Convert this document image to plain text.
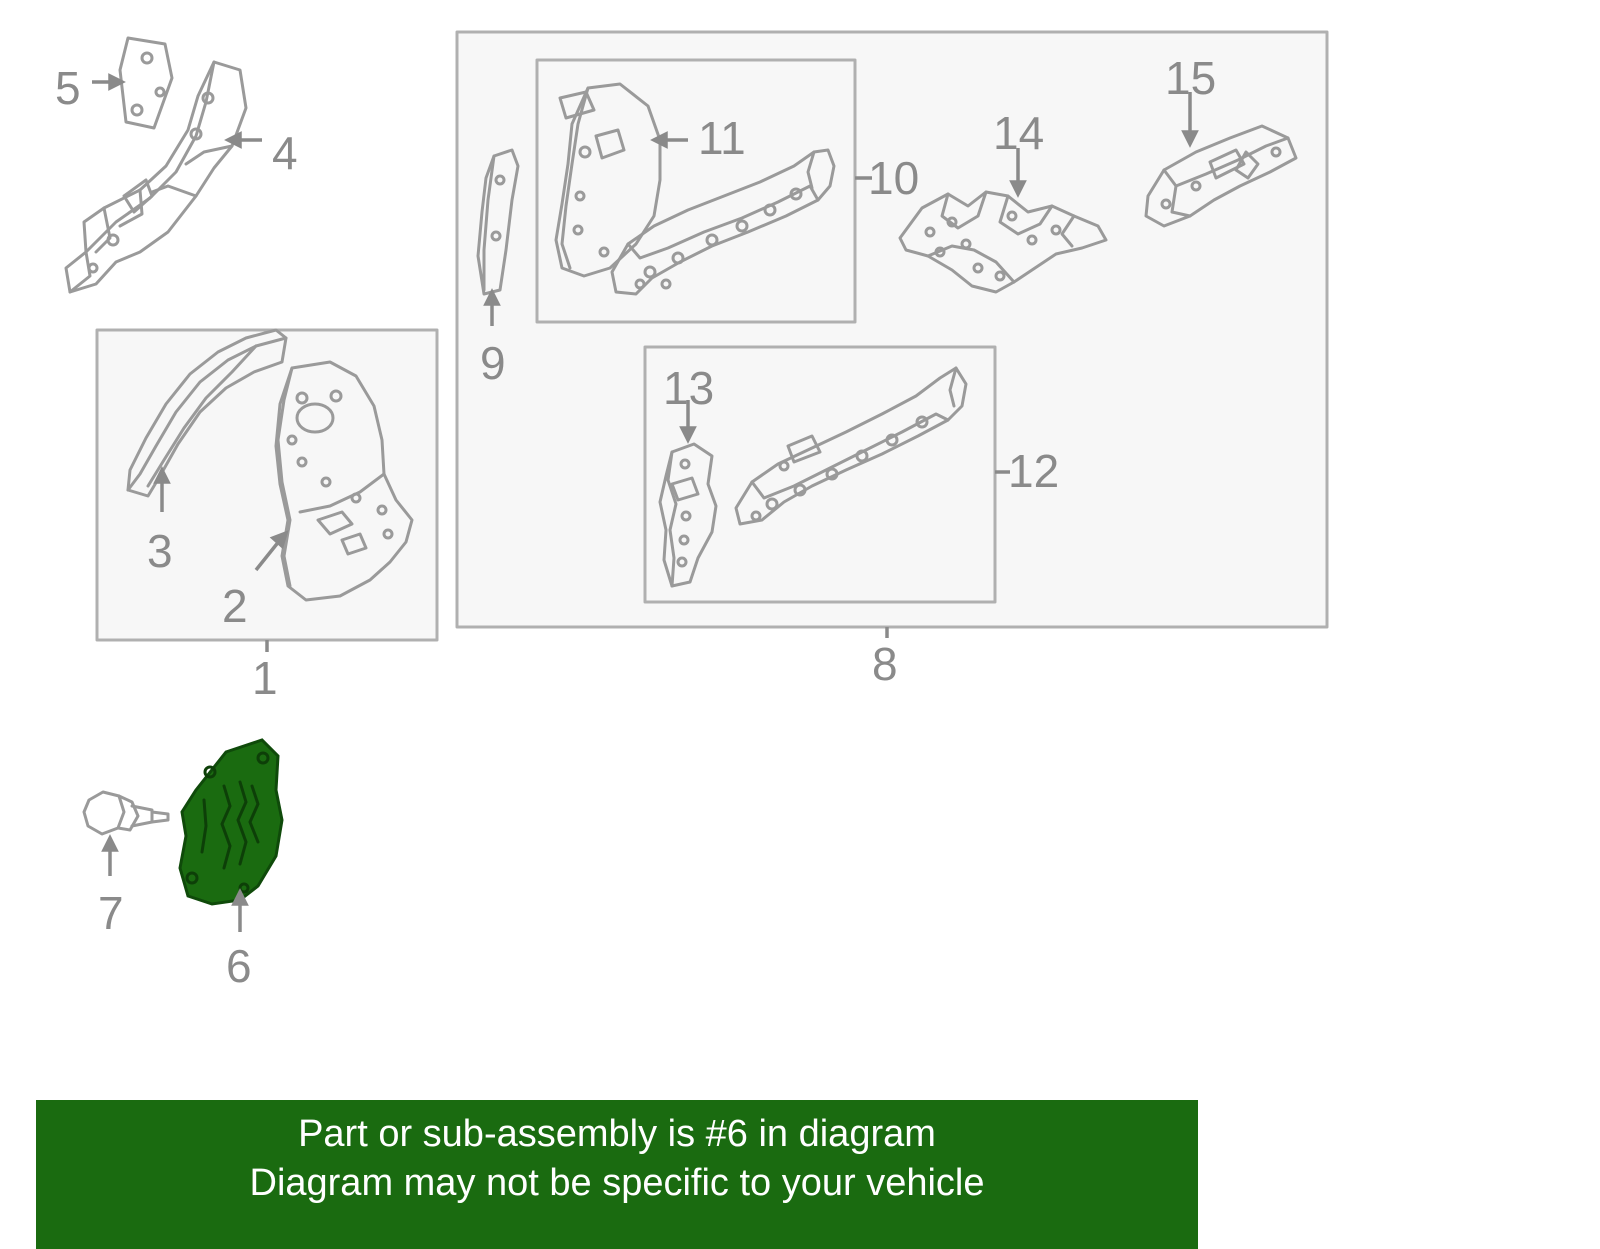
5
4
3
2
1
9
11
10
14
15
13
12
8
7
6
Part or sub-assembly is #6 in diagram
Diagram may not be specific to your vehicle
